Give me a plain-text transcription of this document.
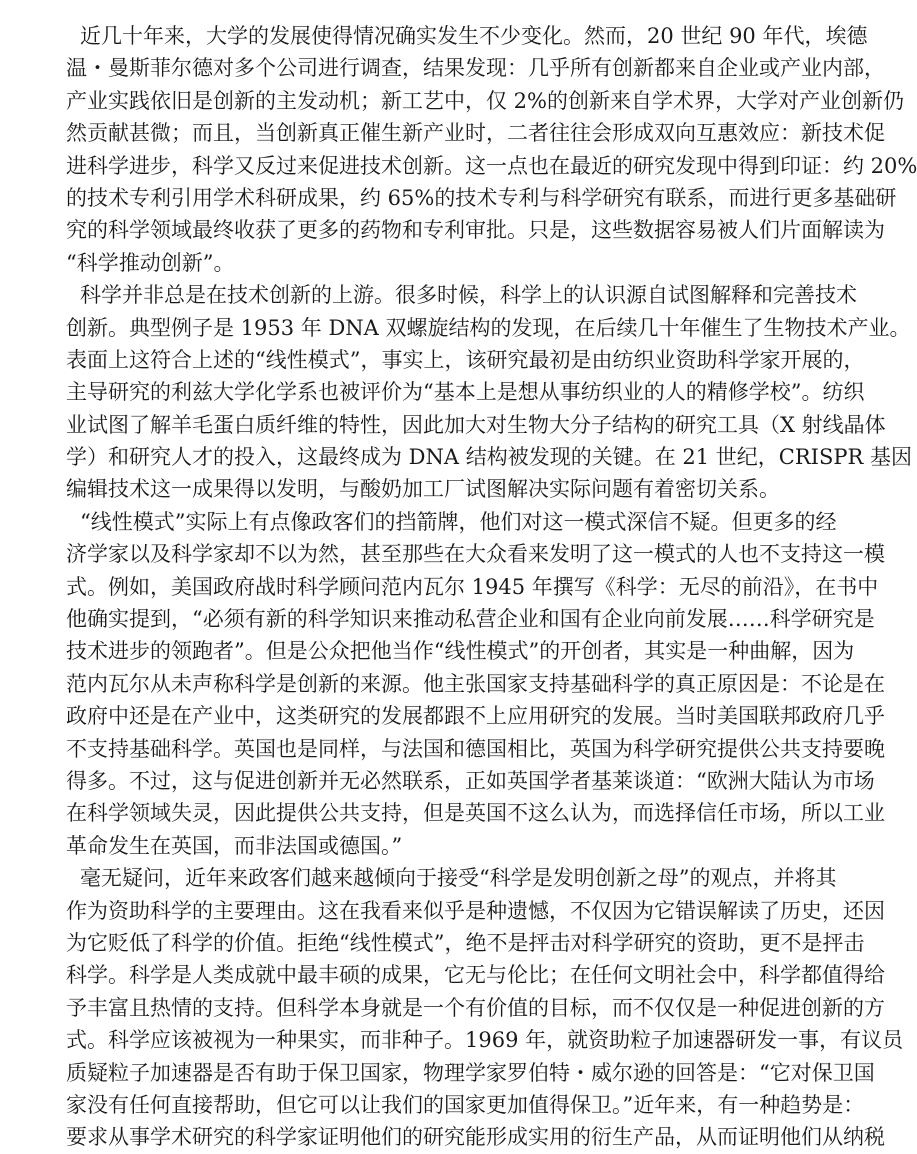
近几十年来，大学的发展使得情况确实发生不少变化。然而，20 世纪 90 年代，埃德
温・曼斯菲尔德对多个公司进行调查，结果发现：几乎所有创新都来自企业或产业内部，
产业实践依旧是创新的主发动机；新工艺中，仅 2%的创新来自学术界，大学对产业创新仍
然贡献甚微；而且，当创新真正催生新产业时，二者往往会形成双向互惠效应：新技术促
进科学进步，科学又反过来促进技术创新。这一点也在最近的研究发现中得到印证：约 20%
的技术专利引用学术科研成果，约 65%的技术专利与科学研究有联系，而进行更多基础研
究的科学领域最终收获了更多的药物和专利审批。只是，这些数据容易被人们片面解读为
“科学推动创新”。
科学并非总是在技术创新的上游。很多时候，科学上的认识源自试图解释和完善技术
创新。典型例子是 1953 年 DNA 双螺旋结构的发现，在后续几十年催生了生物技术产业。
表面上这符合上述的“线性模式”，事实上，该研究最初是由纺织业资助科学家开展的，
主导研究的利兹大学化学系也被评价为“基本上是想从事纺织业的人的精修学校”。纺织
业试图了解羊毛蛋白质纤维的特性，因此加大对生物大分子结构的研究工具（X 射线晶体
学）和研究人才的投入，这最终成为 DNA 结构被发现的关键。在 21 世纪，CRISPR 基因
编辑技术这一成果得以发明，与酸奶加工厂试图解决实际问题有着密切关系。
“线性模式”实际上有点像政客们的挡箭牌，他们对这一模式深信不疑。但更多的经
济学家以及科学家却不以为然，甚至那些在大众看来发明了这一模式的人也不支持这一模
式。例如，美国政府战时科学顾问范内瓦尔 1945 年撰写《科学：无尽的前沿》，在书中
他确实提到，“必须有新的科学知识来推动私营企业和国有企业向前发展……科学研究是
技术进步的领跑者”。但是公众把他当作“线性模式”的开创者，其实是一种曲解，因为
范内瓦尔从未声称科学是创新的来源。他主张国家支持基础科学的真正原因是：不论是在
政府中还是在产业中，这类研究的发展都跟不上应用研究的发展。当时美国联邦政府几乎
不支持基础科学。英国也是同样，与法国和德国相比，英国为科学研究提供公共支持要晚
得多。不过，这与促进创新并无必然联系，正如英国学者基莱谈道：“欧洲大陆认为市场
在科学领域失灵，因此提供公共支持，但是英国不这么认为，而选择信任市场，所以工业
革命发生在英国，而非法国或德国。”
毫无疑问，近年来政客们越来越倾向于接受“科学是发明创新之母”的观点，并将其
作为资助科学的主要理由。这在我看来似乎是种遗憾，不仅因为它错误解读了历史，还因
为它贬低了科学的价值。拒绝“线性模式”，绝不是抨击对科学研究的资助，更不是抨击
科学。科学是人类成就中最丰硕的成果，它无与伦比；在任何文明社会中，科学都值得给
予丰富且热情的支持。但科学本身就是一个有价值的目标，而不仅仅是一种促进创新的方
式。科学应该被视为一种果实，而非种子。1969 年，就资助粒子加速器研发一事，有议员
质疑粒子加速器是否有助于保卫国家，物理学家罗伯特・威尔逊的回答是：“它对保卫国
家没有任何直接帮助，但它可以让我们的国家更加值得保卫。”近年来，有一种趋势是：
要求从事学术研究的科学家证明他们的研究能形成实用的衍生产品，从而证明他们从纳税
